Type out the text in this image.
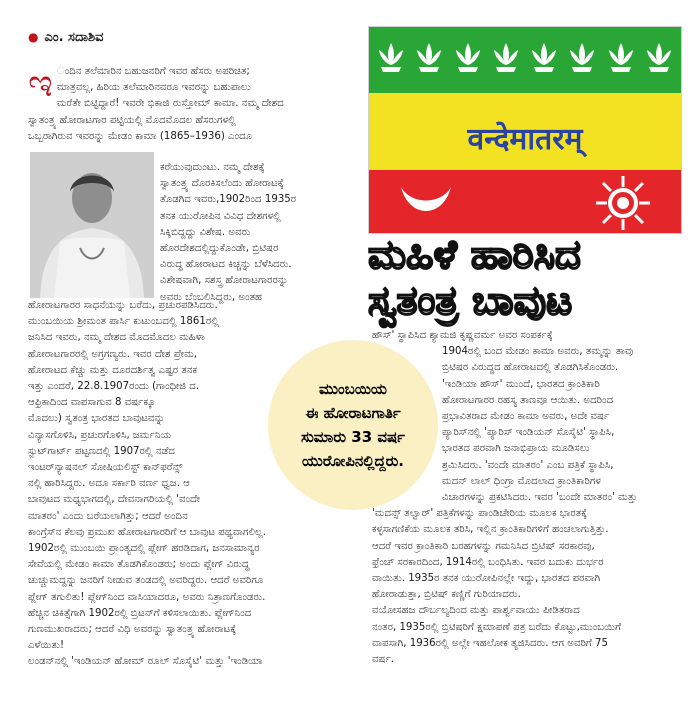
● ಎಂ. ಸದಾಶಿವ
वन्देमातरम्
ಮಹಿಳೆ ಹಾರಿಸಿದ
ಸ್ವತಂತ್ರ ಬಾವುಟ
ಮುಂಬಯಿಯ
ಈ ಹೋರಾಟಗಾರ್ತಿ
ಸುಮಾರು 33 ವರ್ಷ
ಯುರೋಪಿನಲ್ಲಿದ್ದರು.
ಇ ಂದಿನ ತಲೆಮಾರಿನ ಬಹುಜನರಿಗೆ ಇವರ ಹೆಸರು ಅಪರಿಚಿತ;

ಮಾತ್ರವಲ್ಲ, ಹಿರಿಯ ತಲೆಮಾರಿನವರೂ ಇವರನ್ನು ಬಹುಪಾಲು

ಮರೆತೇ ಬಿಟ್ಟಿದ್ದಾರೆ! ಇವರೇ ಭಿಕಾಜಿ ರುಸ್ತೋಮ್ ಕಾಮಾ. ನಮ್ಮ ದೇಶದ

ಸ್ವಾತಂತ್ರ್ಯ ಹೋರಾಟಗಾರ ಪಟ್ಟಿಯಲ್ಲಿ ಮೊದಮೊದಲ ಹೆಸರುಗಳಲ್ಲಿ

ಒಬ್ಬರಾಗಿರುವ ಇವರನ್ನು ಮೇಡಂ ಕಾಮಾ (1865–1936) ಎಂದೂ

ಕರೆಯುವುದುಂಟು. ನಮ್ಮ ದೇಶಕ್ಕೆ

ಸ್ವಾತಂತ್ರ್ಯ ದೊರಕಿಸಲೆಂದು ಹೋರಾಟಕ್ಕೆ

ತೊಡಗಿದ ಇವರು,1902ರಿಂದ 1935ರ

ತನಕ ಯುರೋಪಿನ ವಿವಿಧ ದೇಶಗಳಲ್ಲಿ

ಸಿಕ್ಕಿಬಿದ್ದದ್ದು ವಿಶೇಷ. ಅವರು

ಹೊರದೇಶದಲ್ಲಿದ್ದುಕೊಂಡೇ, ಬ್ರಿಟಿಷರ

ವಿರುದ್ಧ ಹೋರಾಟದ ಕಿಚ್ಚನ್ನು ಬೆಳೆಸಿದರು.

ವಿಶೇಷವಾಗಿ, ಸಶಸ್ತ್ರ ಹೋರಾಟಗಾರರನ್ನು

ಅವರು ಬೆಂಬಲಿಸಿದ್ದರು, ಅಂತಹ

ಹೋರಾಟಗಾರರ ಸಾಧನೆಯನ್ನು ಬರೆದು, ಪ್ರಚುರಪಡಿಸಿದರು.

ಮುಂಬಯಿಯ ಶ್ರೀಮಂತ ಪಾರ್ಸಿ ಕುಟುಂಬದಲ್ಲಿ 1861ರಲ್ಲಿ

ಜನಿಸಿದ ಇವರು, ನಮ್ಮ ದೇಶದ ಮೊದಮೊದಲ ಮಹಿಳಾ

ಹೋರಾಟಗಾರರಲ್ಲಿ ಅಗ್ರಗಣ್ಯರು. ಇವರ ದೇಶ ಪ್ರೇಮ,

ಹೋರಾಟದ ಕೆಚ್ಚು ಮತ್ತು ದೂರದರ್ಶಿತ್ವ ಎಷ್ಟರ ತನಕ

ಇತ್ತು ಎಂದರೆ, 22.8.1907ರಂದು (ಗಾಂಧೀಜಿ ದ.

ಆಫ್ರಿಕಾದಿಂದ ವಾಪಸಾಗುವ 8 ವರ್ಷಕ್ಕೂ

ಮೊದಲು) ಸ್ವತಂತ್ರ ಭಾರತದ ಬಾವುಟವನ್ನು

ವಿನ್ಯಾಸಗೊಳಿಸಿ, ಪ್ರಚುರಗೊಳಿಸಿ, ಜರ್ಮನಿಯ

ಸ್ಟುಟ್‌ಗಾರ್ಟ್ ಪಟ್ಟಣದಲ್ಲಿ 1907ರಲ್ಲಿ ನಡೆದ

ಇಂಟರ್‌ನ್ಯಾಷನಲ್ ಸೋಷಿಯಲಿಸ್ಟ್ ಕಾನ್‌ಫರೆನ್ಸ್

ನಲ್ಲಿ ಹಾರಿಸಿದ್ದರು. ಅದೂ ಸರ್ಕಾರಿ ವರ್ಣ ಧ್ವಜ. ಆ

ಬಾವುಟದ ಮಧ್ಯಭಾಗದಲ್ಲಿ, ದೇವನಾಗರಿಯಲ್ಲಿ 'ವಂದೇ

ಮಾತರಂ' ಎಂದು ಬರೆಯಲಾಗಿತ್ತು; ಆದರೆ ಅಂದಿನ

ಕಾಂಗ್ರೆಸ್‌ನ ಕೆಲವು ಪ್ರಮುಖ ಹೋರಾಟಗಾರರಿಗೆ ಆ ಬಾವುಟ ಪಥ್ಯವಾಗಲಿಲ್ಲ.

1902ರಲ್ಲಿ ಮುಂಬಯಿ ಪ್ರಾಂತ್ಯದಲ್ಲಿ ಪ್ಲೇಗ್ ಹರಡಿದಾಗ, ಜನಸಾಮಾನ್ಯರ

ಸೇವೆಯಲ್ಲಿ ಮೇಡಂ ಕಾಮಾ ತೊಡಗಿಕೊಂಡರು; ಅಂದು ಪ್ಲೇಗ್ ವಿರುದ್ಧ

ಚುಚ್ಚುಮದ್ದನ್ನು ಜನರಿಗೆ ನೀಡುವ ತಂಡದಲ್ಲಿ ಅವರಿದ್ದರು. ಆದರೆ ಅವರಿಗೂ

ಪ್ಲೇಗ್ ತಗುಲಿತು! ಪ್ಲೇಗ್‌ನಿಂದ ವಾಸಿಯಾದರೂ, ಅವರು ನಿತ್ರಾಣಗೊಂಡರು.

ಹೆಚ್ಚಿನ ಚಿಕಿತ್ಸೆಗಾಗಿ 1902ರಲ್ಲಿ ಬ್ರಿಟನ್‌ಗೆ ಕಳಿಸಲಾಯಿತು. ಪ್ಲೇಗ್‌ನಿಂದ

ಗುಣಮುಖರಾದರು; ಆದರೆ ವಿಧಿ ಅವರನ್ನು ಸ್ವಾತಂತ್ರ್ಯ ಹೋರಾಟಕ್ಕೆ

ಎಳೆಯಿತು!

ಲಂಡನ್‌ನಲ್ಲಿ 'ಇಂಡಿಯನ್ ಹೋಮ್ ರೂಲ್ ಸೊಸೈಟಿ' ಮತ್ತು 'ಇಂಡಿಯಾ

ಹೌಸ್' ಸ್ಥಾಪಿಸಿದ ಶ್ಯಾಮಜಿ ಕೃಷ್ಣವರ್ಮ ಅವರ ಸಂಪರ್ಕಕ್ಕೆ

1904ರಲ್ಲಿ ಬಂದ ಮೇಡಂ ಕಾಮಾ ಅವರು, ತಮ್ಮನ್ನು ತಾವು

ಬ್ರಿಟಿಷರ ವಿರುದ್ಧದ ಹೋರಾಟದಲ್ಲಿ ತೊಡಗಿಸಿಕೊಂಡರು.

'ಇಂಡಿಯಾ ಹೌಸ್' ಮುಂದೆ, ಭಾರತದ ಕ್ರಾಂತಿಕಾರಿ

ಹೋರಾಟಗಾರರ ರಹಸ್ಯ ತಾಣವೂ ಆಯಿತು. ಅದರಿಂದ

ಪ್ರಭಾವಿತರಾದ ಮೇಡಂ ಕಾಮಾ ಅವರು, ಅದೇ ವರ್ಷ

ಪ್ಯಾರಿಸ್‌ನಲ್ಲಿ 'ಪ್ಯಾರಿಸ್ ಇಂಡಿಯನ್ ಸೊಸೈಟಿ' ಸ್ಥಾಪಿಸಿ,

ಭಾರತದ ಪರವಾಗಿ ಜನಾಭಿಪ್ರಾಯ ಮೂಡಿಸಲು

ಶ್ರಮಿಸಿದರು. 'ವಂದೇ ಮಾತರಂ' ಎಂಬ ಪತ್ರಿಕೆ ಸ್ಥಾಪಿಸಿ,

ಮದನ್ ಲಾಲ್ ಧಿಂಗ್ರಾ ಮೊದಲಾದ ಕ್ರಾಂತಿಕಾರಿಗಳ

ವಿಚಾರಗಳನ್ನು ಪ್ರಕಟಿಸಿದರು. ಇವರ 'ಬಂದೇ ಮಾತರಂ' ಮತ್ತು

'ಮದನ್ಸ್ ತಲ್ವಾರ್' ಪತ್ರಿಕೆಗಳನ್ನು ಪಾಂಡಿಚೇರಿಯ ಮೂಲಕ ಭಾರತಕ್ಕೆ

ಕಳ್ಳಸಾಗಣಿಕೆಯ ಮೂಲಕ ತರಿಸಿ, ಇಲ್ಲಿನ ಕ್ರಾಂತಿಕಾರಿಗಳಿಗೆ ಹಂಚಲಾಗುತ್ತಿತ್ತು.

ಆದರೆ ಇವರ ಕ್ರಾಂತಿಕಾರಿ ಬರಹಗಳನ್ನು ಗಮನಿಸಿದ ಬ್ರಿಟಿಷ್ ಸರಕಾರವು,

ಫ್ರೆಂಚ್ ಸರಕಾರದಿಂದ, 1914ರಲ್ಲಿ ಬಂಧಿಸಿತು. ಇವರ ಬದುಕು ದುರ್ಭರ

ವಾಯಿತು. 1935ರ ತನಕ ಯುರೋಪಿನಲ್ಲೇ ಇದ್ದು, ಭಾರತದ ಪರವಾಗಿ

ಹೋರಾಡುತ್ತಾ, ಬ್ರಿಟಿಷ್ ಕಣ್ಣಿಗೆ ಗುರಿಯಾದರು.

ವಯೋಸಹಜ ದೌರ್ಬಲ್ಯದಿಂದ ಮತ್ತು ಪಾರ್ಶ್ವವಾಯು ಪೀಡಿತರಾದ

ನಂತರ, 1935ರಲ್ಲಿ ಬ್ರಿಟಿಷರಿಗೆ ಕ್ಷಮಾಪಣೆ ಪತ್ರ ಬರೆದು ಕೊಟ್ಟು,ಮುಂಬಯಿಗೆ

ವಾಪಸಾಗಿ, 1936ರಲ್ಲಿ ಅಲ್ಲೇ ಇಹಲೋಕ ತ್ಯಜಿಸಿದರು. ಆಗ ಅವರಿಗೆ 75

ವರ್ಷ.
